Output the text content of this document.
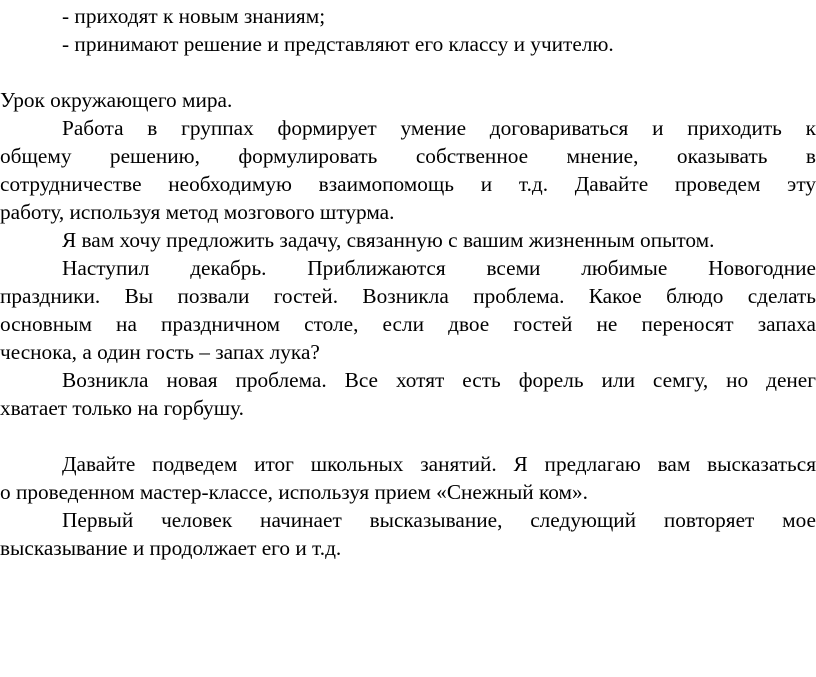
- приходят к новым знаниям;
- принимают решение и представляют его классу и учителю.
Урок окружающего мира.
Работа в группах формирует умение договариваться и приходить к
общему решению, формулировать собственное мнение, оказывать в
сотрудничестве необходимую взаимопомощь и т.д. Давайте проведем эту
работу, используя метод мозгового штурма.
Я вам хочу предложить задачу, связанную с вашим жизненным опытом.
Наступил декабрь. Приближаются всеми любимые Новогодние
праздники. Вы позвали гостей. Возникла проблема. Какое блюдо сделать
основным на праздничном столе, если двое гостей не переносят запаха
чеснока, а один гость – запах лука?
Возникла новая проблема. Все хотят есть форель или семгу, но денег
хватает только на горбушу.
Давайте подведем итог школьных занятий. Я предлагаю вам высказаться
о проведенном мастер-классе, используя прием «Снежный ком».
Первый человек начинает высказывание, следующий повторяет мое
высказывание и продолжает его и т.д.
